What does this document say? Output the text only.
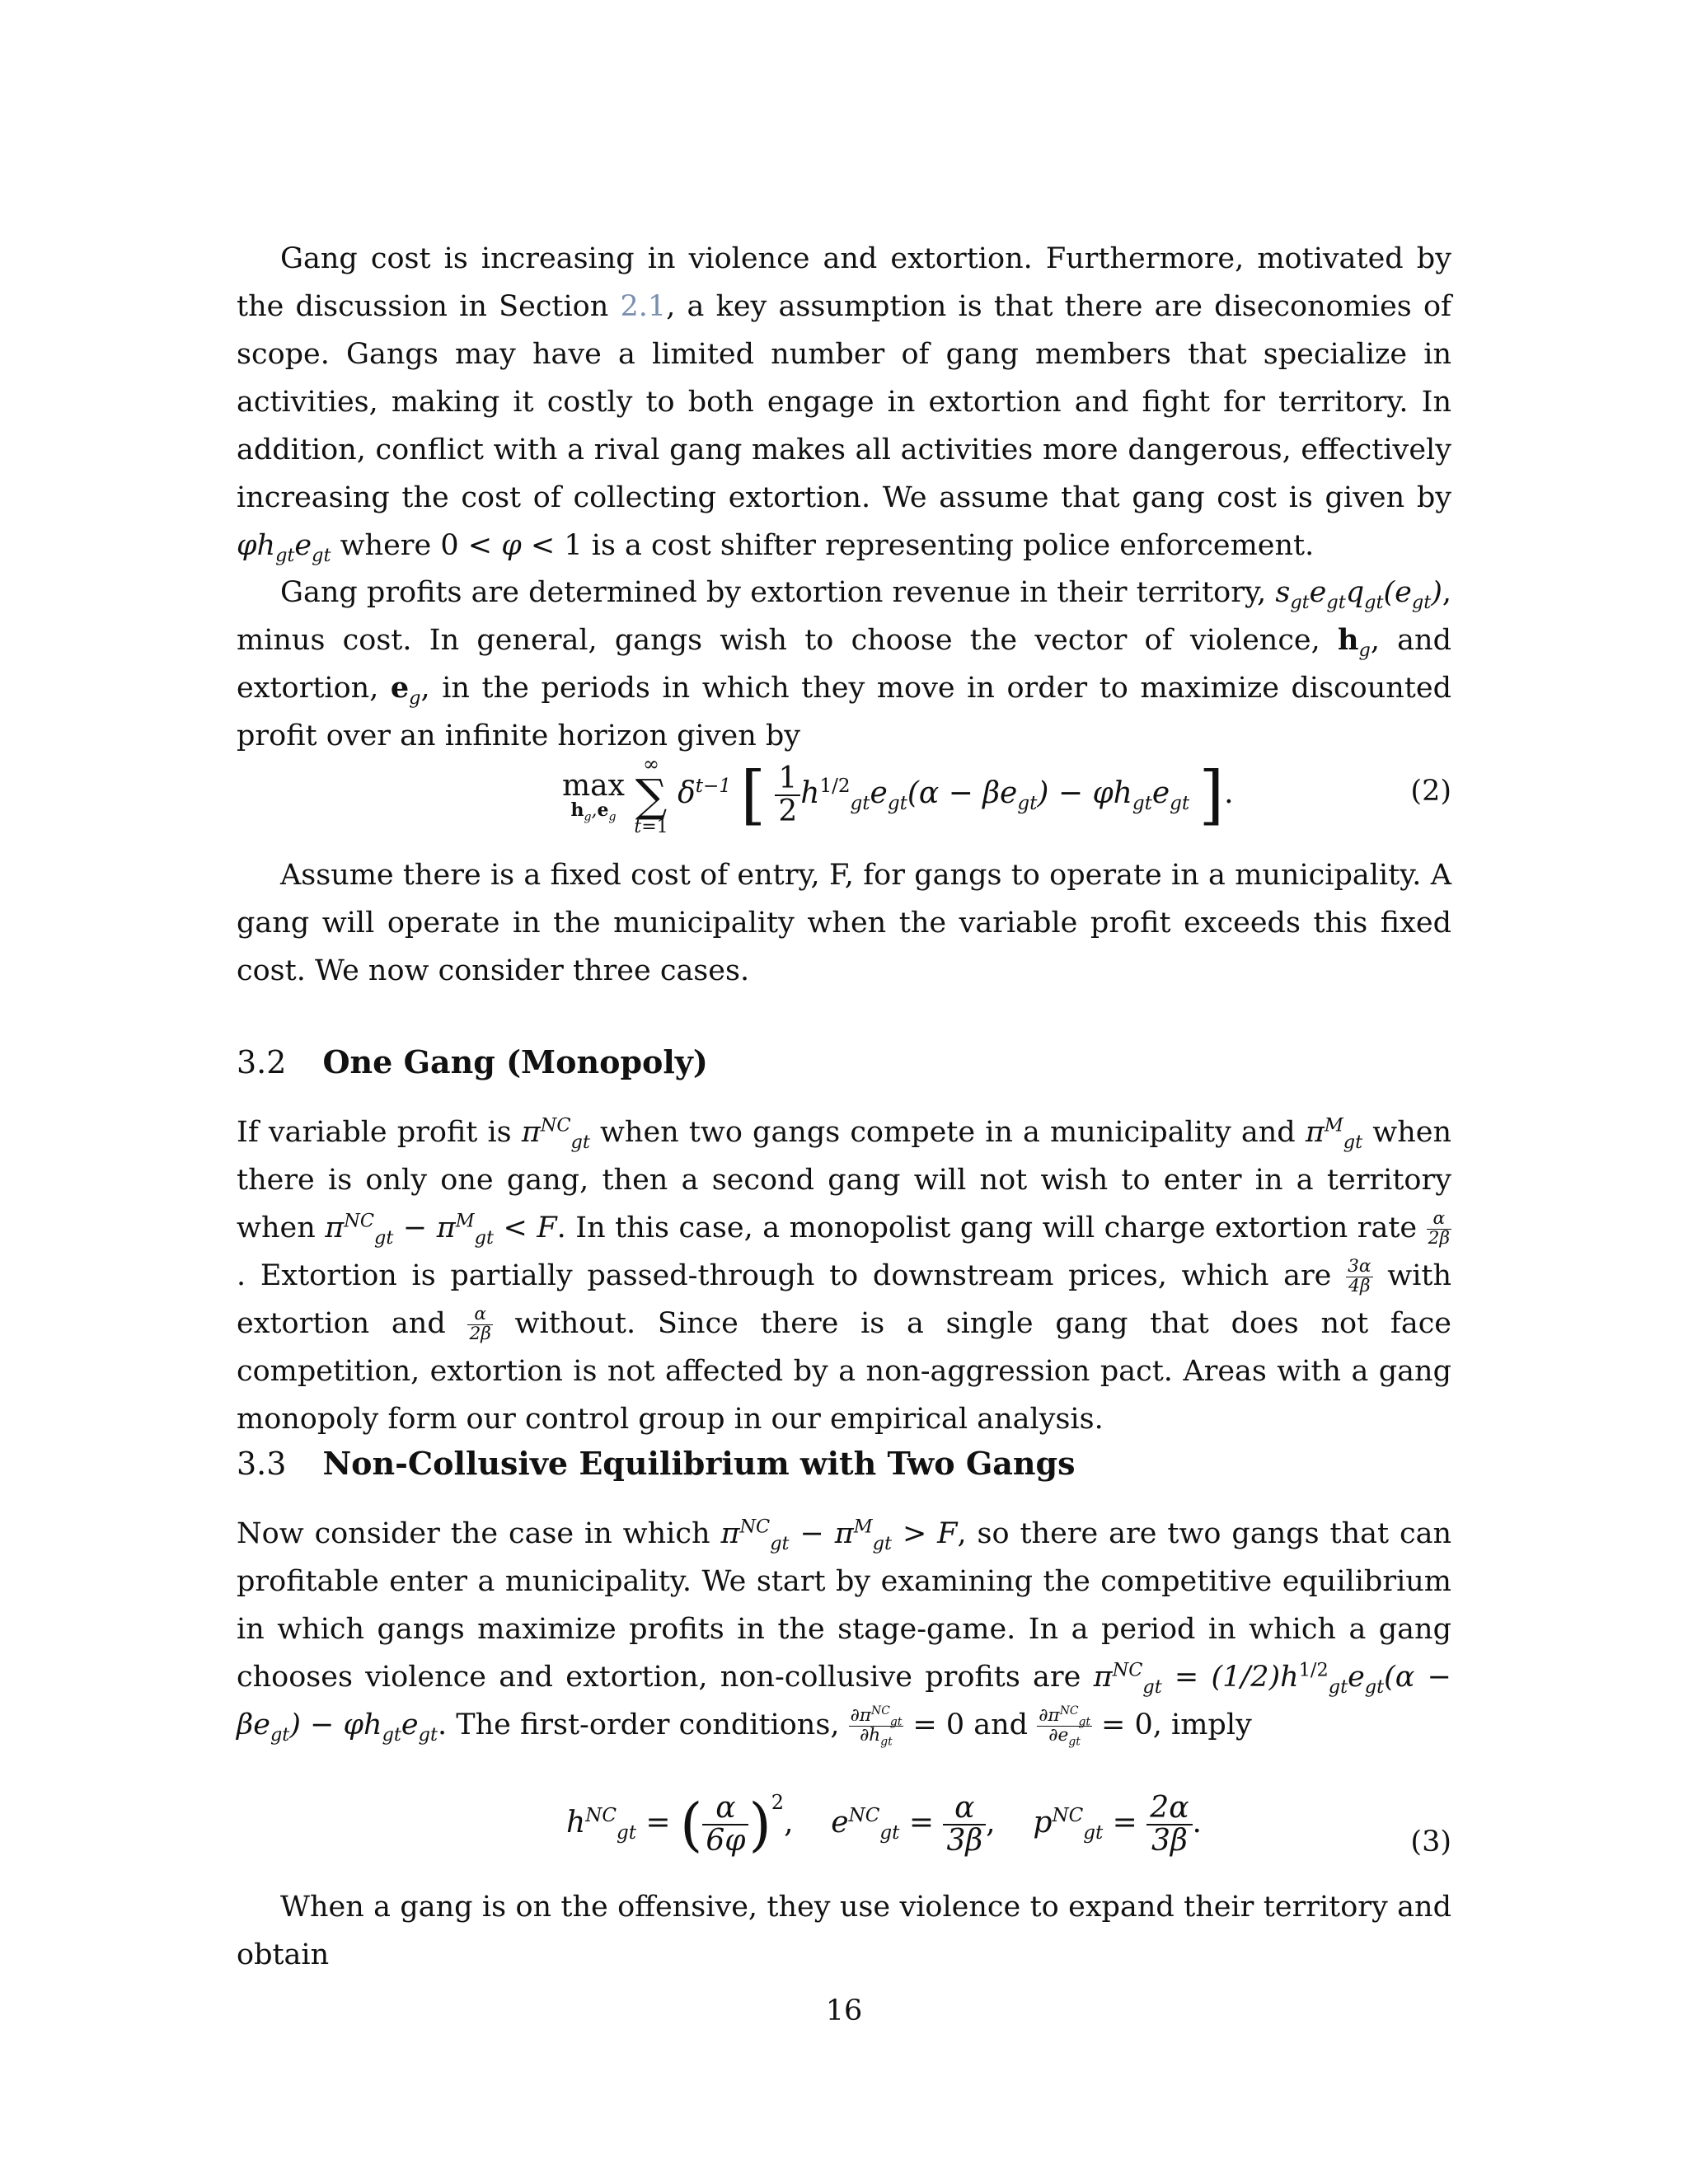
Gang cost is increasing in violence and extortion. Furthermore, motivated by the discussion in Section 2.1, a key assumption is that there are diseconomies of scope. Gangs may have a limited number of gang members that specialize in activities, making it costly to both engage in extortion and fight for territory. In addition, conflict with a rival gang makes all activities more dangerous, effectively increasing the cost of collecting extortion. We assume that gang cost is given by $\varphi h_{gt}e_{gt}$ where 0 < φ < 1 is a cost shifter representing police enforcement.
Gang profits are determined by extortion revenue in their territory, $s_{gt}e_{gt}q_{gt}(e_{gt})$, minus cost. In general, gangs wish to choose the vector of violence, $h_g$, and extortion, $e_g$, in the periods in which they move in order to maximize discounted profit over an infinite horizon given by
max
$h_g,e_g$

∞
∑
t=1
$\delta^{t-1}$ [ $\frac{1}{2} h^{1/2}_{gt}e_{gt}(\alpha - \beta e_{gt}) - \varphi h_{gt}e_{gt}$ ].	(2)
Assume there is a fixed cost of entry, F, for gangs to operate in a municipality. A gang will operate in the municipality when the variable profit exceeds this fixed cost. We now consider three cases.
3.2 One Gang (Monopoly)
If variable profit is $\pi^{NC}_{gt}$ when two gangs compete in a municipality and $\pi^M_{gt}$ when there is only one gang, then a second gang will not wish to enter in a territory when $\pi^{NC}_{gt} - \pi^M_{gt} < F$. In this case, a monopolist gang will charge extortion rate $\frac{\alpha}{2\beta}$
. Extortion is partially passed-through to downstream prices, which are $\frac{3\alpha}{4\beta}$ with extortion and $\frac{\alpha}{2\beta}$ without. Since there is a single gang that does not face competition, extortion is not affected by a non-aggression pact. Areas with a gang monopoly form our control group in our empirical analysis.
3.3 Non-Collusive Equilibrium with Two Gangs
Now consider the case in which $\pi^{NC}_{gt} - \pi^M_{gt} > F$, so there are two gangs that can profitable enter a municipality. We start by examining the competitive equilibrium in which gangs maximize profits in the stage-game. In a period in which a gang chooses violence and extortion, non-collusive profits are $\pi^{NC}_{gt} = (1/2)h^{1/2}_{gt}e_{gt}(\alpha - \beta e_{gt}) - \varphi h_{gt}e_{gt}$. The first-order conditions, $\partial\pi^{NC}_{gt}$
$\partial h_{gt}$
= 0 and $\partial\pi^{NC}_{gt}$
$\partial e_{gt}$
= 0, imply
$h^{NC}_{gt}$ = ( $\frac{\alpha}{6\varphi} )^2$,    $e^{NC}_{gt} = \frac{\alpha}{3\beta}$ ,    $p^{NC}_{gt} = \frac{2\alpha}{3\beta}$ .
(3)
When a gang is on the offensive, they use violence to expand their territory and obtain
16
